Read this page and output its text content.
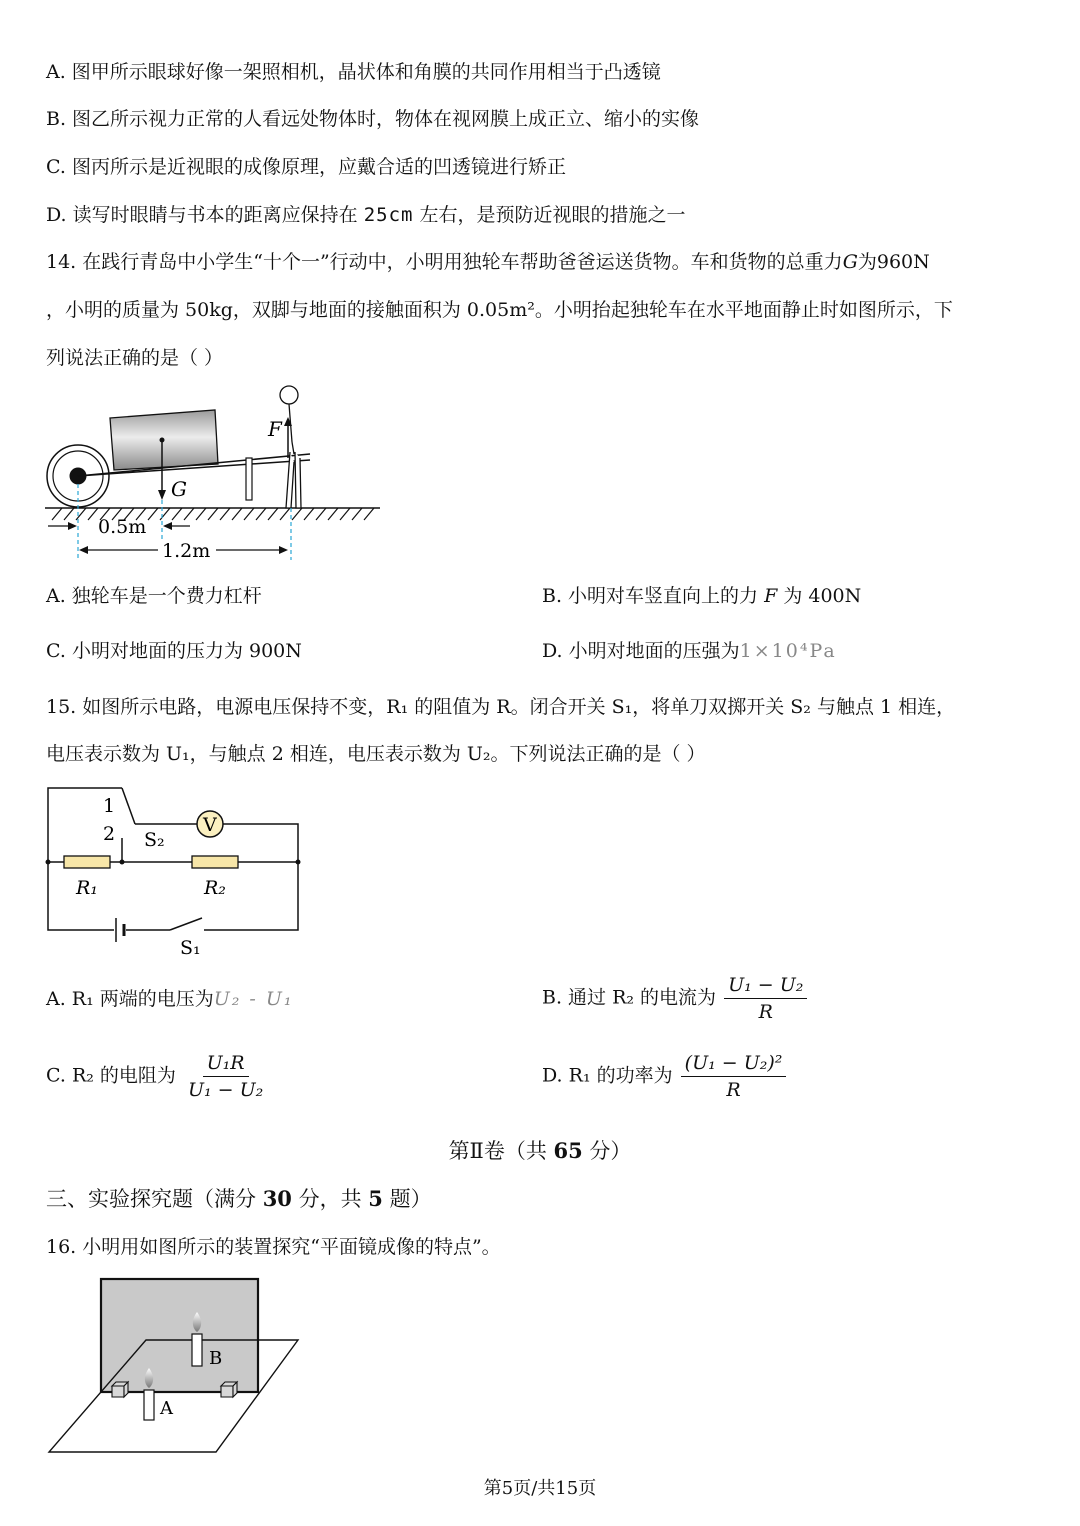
A. 图甲所示眼球好像一架照相机，晶状体和角膜的共同作用相当于凸透镜
B. 图乙所示视力正常的人看远处物体时，物体在视网膜上成正立、缩小的实像
C. 图丙所示是近视眼的成像原理，应戴合适的凹透镜进行矫正
D. 读写时眼睛与书本的距离应保持在 25cm 左右，是预防近视眼的措施之一
14. 在践行青岛中小学生“十个一”行动中，小明用独轮车帮助爸爸运送货物。车和货物的总重力G为960N
，小明的质量为 50kg，双脚与地面的接触面积为 0.05m²。小明抬起独轮车在水平地面静止时如图所示，下
列说法正确的是（ ）
F
G
0.5m
1.2m
A. 独轮车是一个费力杠杆	B. 小明对车竖直向上的力 F 为 400N
C. 小明对地面的压力为 900N	D. 小明对地面的压强为1×10⁴Pa
15. 如图所示电路，电源电压保持不变，R₁ 的阻值为 R。闭合开关 S₁，将单刀双掷开关 S₂ 与触点 1 相连，
电压表示数为 U₁，与触点 2 相连，电压表示数为 U₂。下列说法正确的是（ ）
V
1
2 S₂
R₁	R₂
S₁
A. R₁ 两端的电压为U₂ - U₁	B. 通过 R₂ 的电流为 $\frac{\text{U₁ − U₂}}{R}$
C. R₂ 的电阻为 $\frac{\text{U₁R}}{\text{U₁ − U₂}}$	D. R₁ 的功率为 $\frac{\text{(U₁ − U₂)²}}{R}$
第Ⅱ卷（共 65 分）
三、实验探究题（满分 30 分，共 5 题）
16. 小明用如图所示的装置探究“平面镜成像的特点”。
B
A
第5页/共15页
